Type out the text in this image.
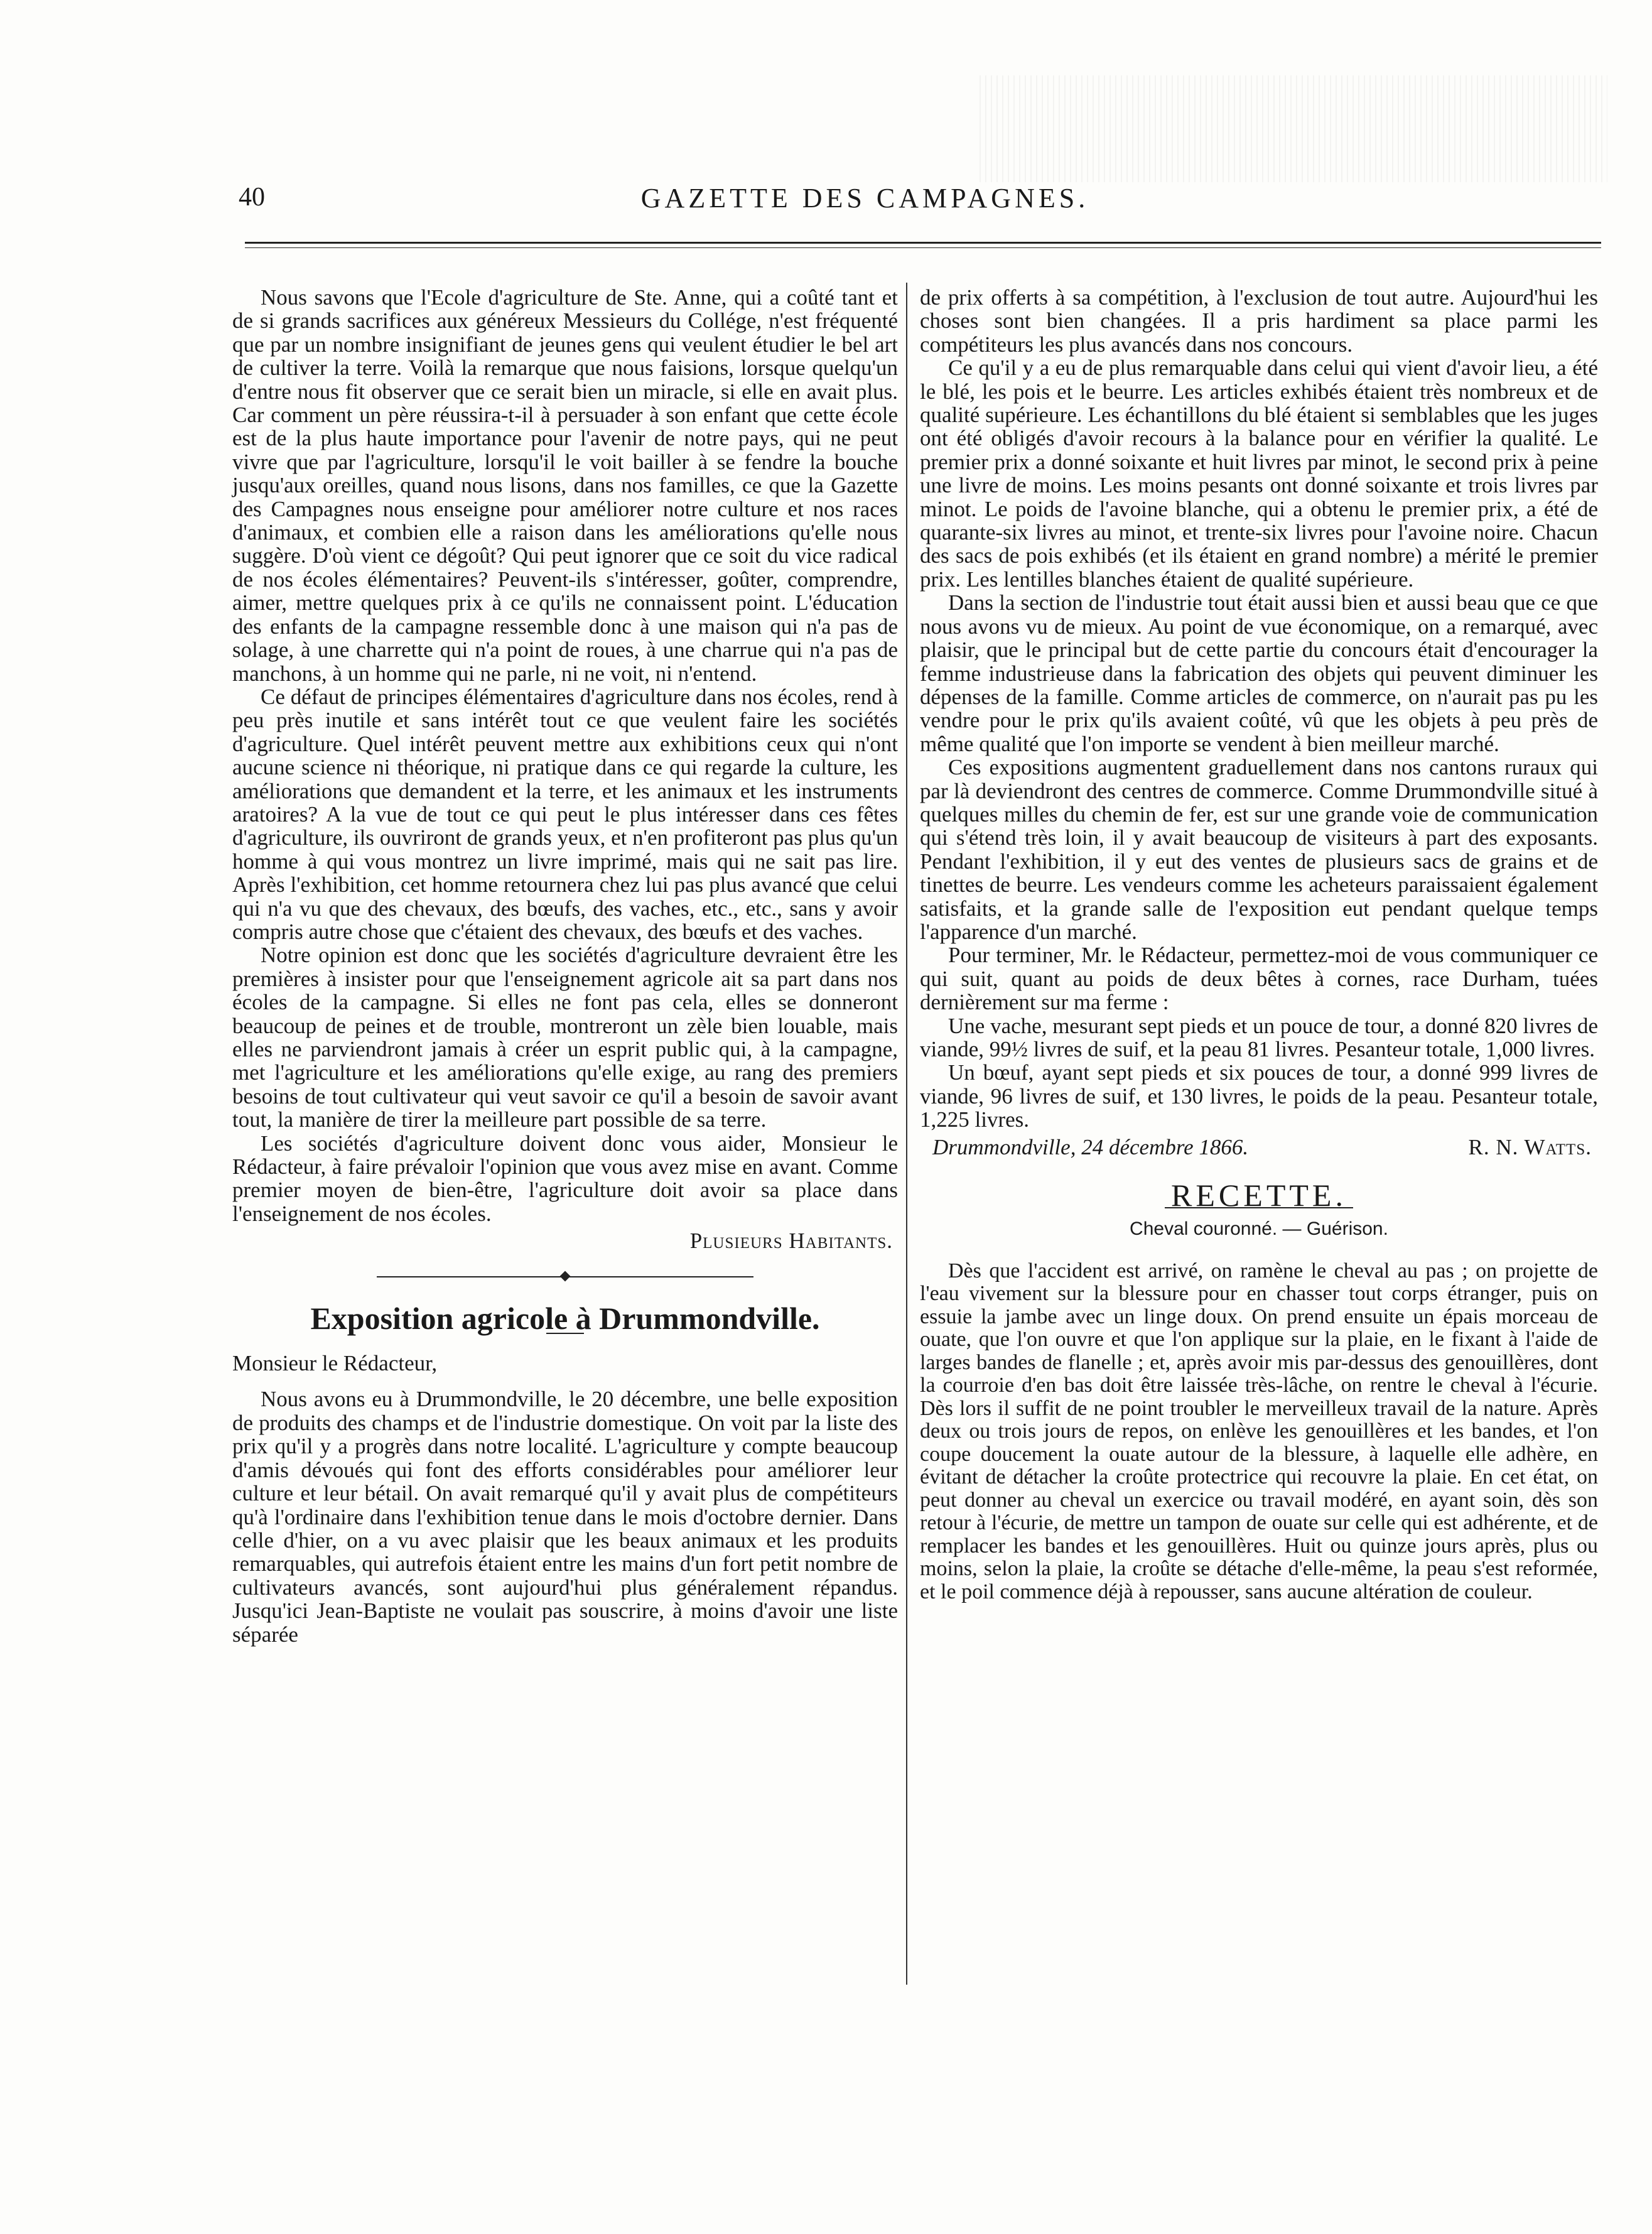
40	GAZETTE DES CAMPAGNES.

Nous savons que l'Ecole d'agriculture de Ste. Anne, qui a coûté tant et de si grands sacrifices aux généreux Messieurs du Collége, n'est fréquenté que par un nombre insignifiant de jeunes gens qui veulent étudier le bel art de cultiver la terre. Voilà la remarque que nous faisions, lorsque quelqu'un d'entre nous fit observer que ce serait bien un miracle, si elle en avait plus. Car comment un père réussira-t-il à persuader à son enfant que cette école est de la plus haute importance pour l'avenir de notre pays, qui ne peut vivre que par l'agriculture, lorsqu'il le voit bailler à se fendre la bouche jusqu'aux oreilles, quand nous lisons, dans nos familles, ce que la Gazette des Campagnes nous enseigne pour améliorer notre culture et nos races d'animaux, et combien elle a raison dans les améliorations qu'elle nous suggère. D'où vient ce dégoût? Qui peut ignorer que ce soit du vice radical de nos écoles élémentaires? Peuvent-ils s'intéresser, goûter, comprendre, aimer, mettre quelques prix à ce qu'ils ne connaissent point. L'éducation des enfants de la campagne ressemble donc à une maison qui n'a pas de solage, à une charrette qui n'a point de roues, à une charrue qui n'a pas de manchons, à un homme qui ne parle, ni ne voit, ni n'entend.

Ce défaut de principes élémentaires d'agriculture dans nos écoles, rend à peu près inutile et sans intérêt tout ce que veulent faire les sociétés d'agriculture. Quel intérêt peuvent mettre aux exhibitions ceux qui n'ont aucune science ni théorique, ni pratique dans ce qui regarde la culture, les améliorations que demandent et la terre, et les animaux et les instruments aratoires? A la vue de tout ce qui peut le plus intéresser dans ces fêtes d'agriculture, ils ouvriront de grands yeux, et n'en profiteront pas plus qu'un homme à qui vous montrez un livre imprimé, mais qui ne sait pas lire. Après l'exhibition, cet homme retournera chez lui pas plus avancé que celui qui n'a vu que des chevaux, des bœufs, des vaches, etc., etc., sans y avoir compris autre chose que c'étaient des chevaux, des bœufs et des vaches.

Notre opinion est donc que les sociétés d'agriculture devraient être les premières à insister pour que l'enseignement agricole ait sa part dans nos écoles de la campagne. Si elles ne font pas cela, elles se donneront beaucoup de peines et de trouble, montreront un zèle bien louable, mais elles ne parviendront jamais à créer un esprit public qui, à la campagne, met l'agriculture et les améliorations qu'elle exige, au rang des premiers besoins de tout cultivateur qui veut savoir ce qu'il a besoin de savoir avant tout, la manière de tirer la meilleure part possible de sa terre.

Les sociétés d'agriculture doivent donc vous aider, Monsieur le Rédacteur, à faire prévaloir l'opinion que vous avez mise en avant. Comme premier moyen de bien-être, l'agriculture doit avoir sa place dans l'enseignement de nos écoles.

Plusieurs Habitants.
Exposition agricole à Drummondville.

Monsieur le Rédacteur,

Nous avons eu à Drummondville, le 20 décembre, une belle exposition de produits des champs et de l'industrie domestique. On voit par la liste des prix qu'il y a progrès dans notre localité. L'agriculture y compte beaucoup d'amis dévoués qui font des efforts considérables pour améliorer leur culture et leur bétail. On avait remarqué qu'il y avait plus de compétiteurs qu'à l'ordinaire dans l'exhibition tenue dans le mois d'octobre dernier. Dans celle d'hier, on a vu avec plaisir que les beaux animaux et les produits remarquables, qui autrefois étaient entre les mains d'un fort petit nombre de cultivateurs avancés, sont aujourd'hui plus généralement répandus. Jusqu'ici Jean-Baptiste ne voulait pas souscrire, à moins d'avoir une liste séparée

de prix offerts à sa compétition, à l'exclusion de tout autre. Aujourd'hui les choses sont bien changées. Il a pris hardiment sa place parmi les compétiteurs les plus avancés dans nos concours.

Ce qu'il y a eu de plus remarquable dans celui qui vient d'avoir lieu, a été le blé, les pois et le beurre. Les articles exhibés étaient très nombreux et de qualité supérieure. Les échantillons du blé étaient si semblables que les juges ont été obligés d'avoir recours à la balance pour en vérifier la qualité. Le premier prix a donné soixante et huit livres par minot, le second prix à peine une livre de moins. Les moins pesants ont donné soixante et trois livres par minot. Le poids de l'avoine blanche, qui a obtenu le premier prix, a été de quarante-six livres au minot, et trente-six livres pour l'avoine noire. Chacun des sacs de pois exhibés (et ils étaient en grand nombre) a mérité le premier prix. Les lentilles blanches étaient de qualité supérieure.

Dans la section de l'industrie tout était aussi bien et aussi beau que ce que nous avons vu de mieux. Au point de vue économique, on a remarqué, avec plaisir, que le principal but de cette partie du concours était d'encourager la femme industrieuse dans la fabrication des objets qui peuvent diminuer les dépenses de la famille. Comme articles de commerce, on n'aurait pas pu les vendre pour le prix qu'ils avaient coûté, vû que les objets à peu près de même qualité que l'on importe se vendent à bien meilleur marché.

Ces expositions augmentent graduellement dans nos cantons ruraux qui par là deviendront des centres de commerce. Comme Drummondville situé à quelques milles du chemin de fer, est sur une grande voie de communication qui s'étend très loin, il y avait beaucoup de visiteurs à part des exposants. Pendant l'exhibition, il y eut des ventes de plusieurs sacs de grains et de tinettes de beurre. Les vendeurs comme les acheteurs paraissaient également satisfaits, et la grande salle de l'exposition eut pendant quelque temps l'apparence d'un marché.

Pour terminer, Mr. le Rédacteur, permettez-moi de vous communiquer ce qui suit, quant au poids de deux bêtes à cornes, race Durham, tuées dernièrement sur ma ferme :

Une vache, mesurant sept pieds et un pouce de tour, a donné 820 livres de viande, 99½ livres de suif, et la peau 81 livres. Pesanteur totale, 1,000 livres.

Un bœuf, ayant sept pieds et six pouces de tour, a donné 999 livres de viande, 96 livres de suif, et 130 livres, le poids de la peau. Pesanteur totale, 1,225 livres.

Drummondville, 24 décembre 1866.	R. N. Watts.
RECETTE.
Cheval couronné. — Guérison.

Dès que l'accident est arrivé, on ramène le cheval au pas ; on projette de l'eau vivement sur la blessure pour en chasser tout corps étranger, puis on essuie la jambe avec un linge doux. On prend ensuite un épais morceau de ouate, que l'on ouvre et que l'on applique sur la plaie, en le fixant à l'aide de larges bandes de flanelle ; et, après avoir mis par-dessus des genouillères, dont la courroie d'en bas doit être laissée très-lâche, on rentre le cheval à l'écurie. Dès lors il suffit de ne point troubler le merveilleux travail de la nature. Après deux ou trois jours de repos, on enlève les genouillères et les bandes, et l'on coupe doucement la ouate autour de la blessure, à laquelle elle adhère, en évitant de détacher la croûte protectrice qui recouvre la plaie. En cet état, on peut donner au cheval un exercice ou travail modéré, en ayant soin, dès son retour à l'écurie, de mettre un tampon de ouate sur celle qui est adhérente, et de remplacer les bandes et les genouillères. Huit ou quinze jours après, plus ou moins, selon la plaie, la croûte se détache d'elle-même, la peau s'est reformée, et le poil commence déjà à repousser, sans aucune altération de couleur.
